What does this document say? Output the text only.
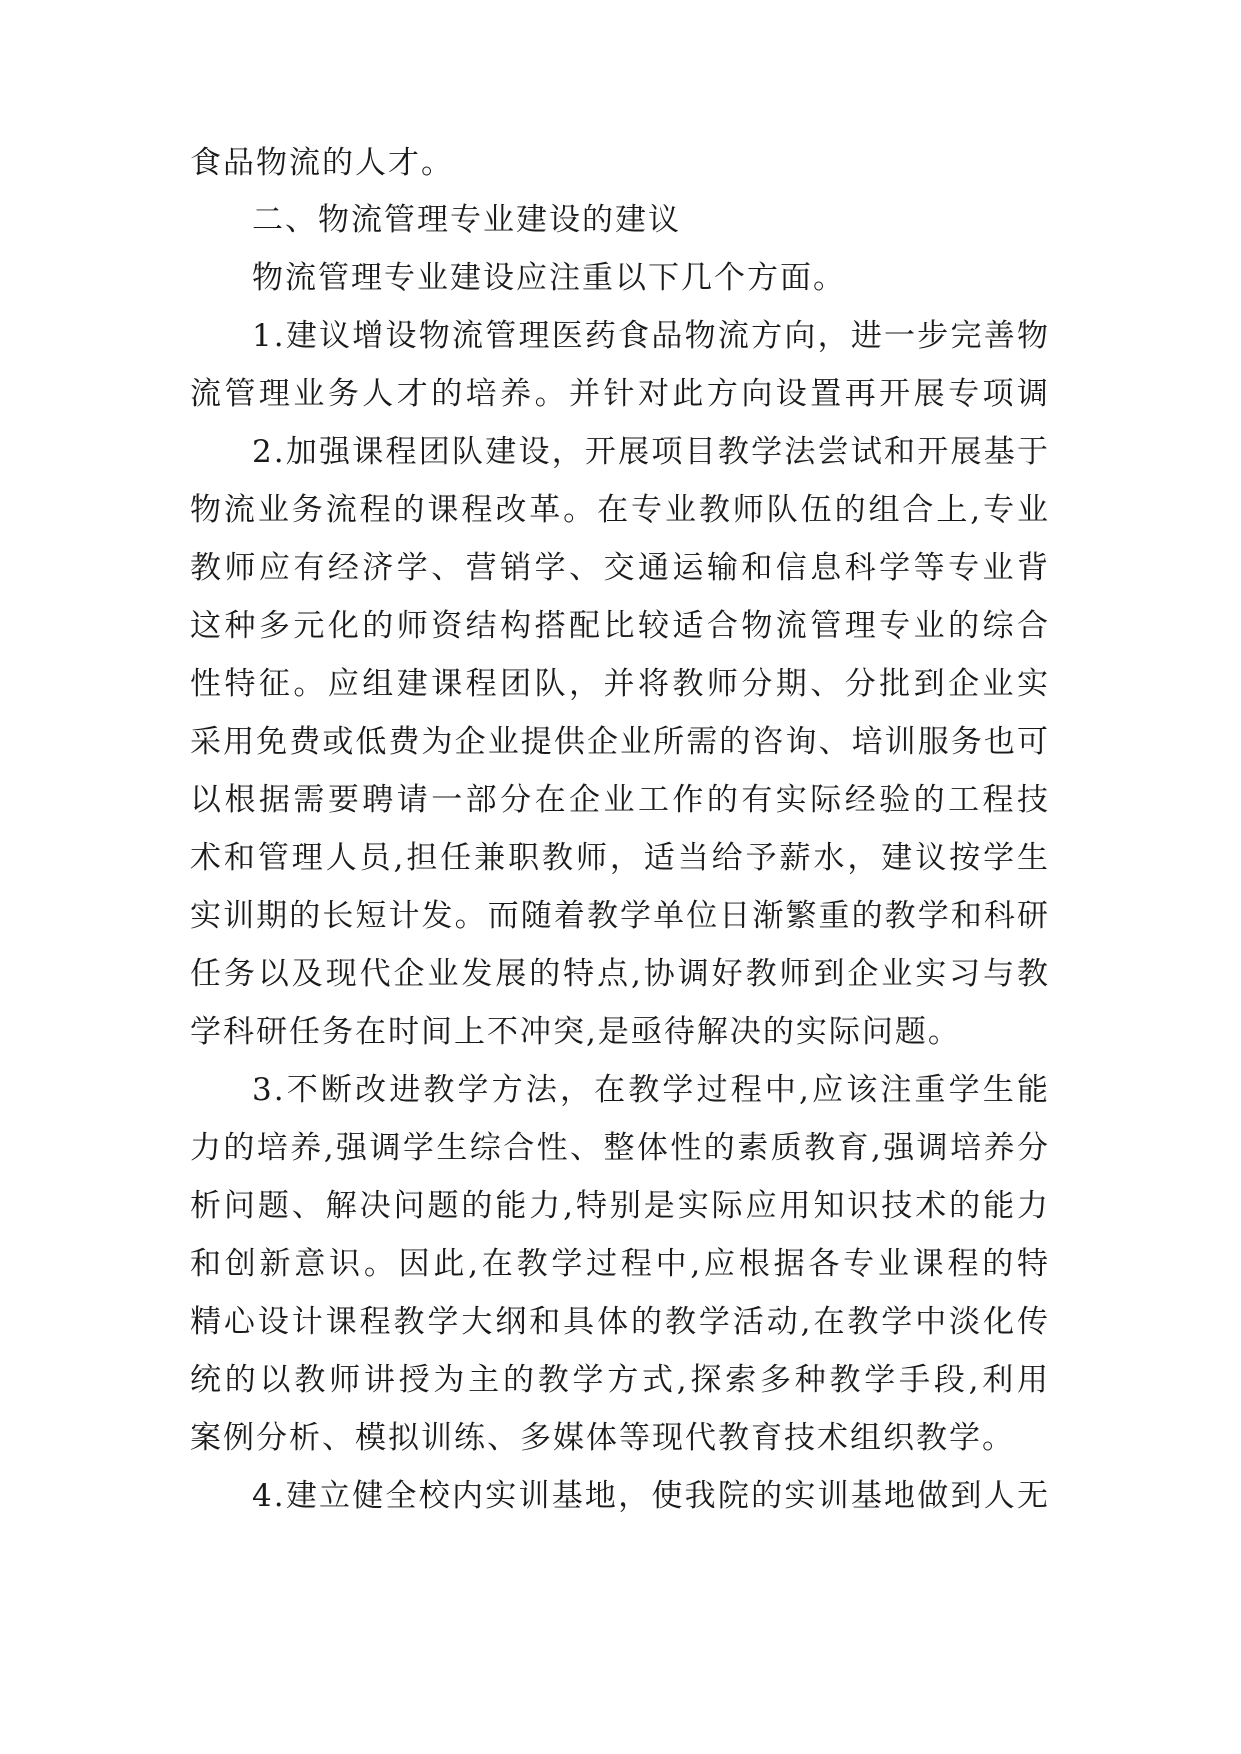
食品物流的人才。
二、物流管理专业建设的建议
物流管理专业建设应注重以下几个方面。
1.建议增设物流管理医药食品物流方向，进一步完善物
流管理业务人才的培养。并针对此方向设置再开展专项调
2.加强课程团队建设，开展项目教学法尝试和开展基于
物流业务流程的课程改革。在专业教师队伍的组合上,专业
教师应有经济学、营销学、交通运输和信息科学等专业背
这种多元化的师资结构搭配比较适合物流管理专业的综合
性特征。应组建课程团队，并将教师分期、分批到企业实
采用免费或低费为企业提供企业所需的咨询、培训服务也可
以根据需要聘请一部分在企业工作的有实际经验的工程技
术和管理人员,担任兼职教师，适当给予薪水，建议按学生
实训期的长短计发。而随着教学单位日渐繁重的教学和科研
任务以及现代企业发展的特点,协调好教师到企业实习与教
学科研任务在时间上不冲突,是亟待解决的实际问题。
3.不断改进教学方法，在教学过程中,应该注重学生能
力的培养,强调学生综合性、整体性的素质教育,强调培养分
析问题、解决问题的能力,特别是实际应用知识技术的能力
和创新意识。因此,在教学过程中,应根据各专业课程的特
精心设计课程教学大纲和具体的教学活动,在教学中淡化传
统的以教师讲授为主的教学方式,探索多种教学手段,利用
案例分析、模拟训练、多媒体等现代教育技术组织教学。
4.建立健全校内实训基地，使我院的实训基地做到人无
